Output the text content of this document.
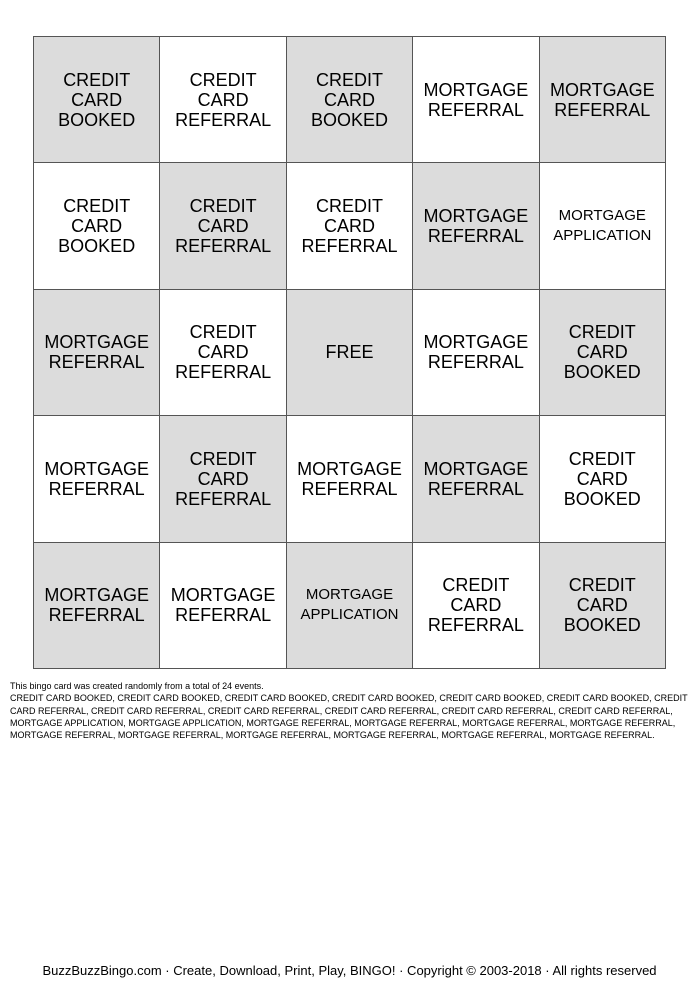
CREDIT
CARD
BOOKED
CREDIT
CARD
REFERRAL
CREDIT
CARD
BOOKED
MORTGAGE
REFERRAL
MORTGAGE
REFERRAL
CREDIT
CARD
BOOKED
CREDIT
CARD
REFERRAL
CREDIT
CARD
REFERRAL
MORTGAGE
REFERRAL
MORTGAGE
APPLICATION
MORTGAGE
REFERRAL
CREDIT
CARD
REFERRAL
FREE	MORTGAGE
REFERRAL
CREDIT
CARD
BOOKED
MORTGAGE
REFERRAL
CREDIT
CARD
REFERRAL
MORTGAGE
REFERRAL
MORTGAGE
REFERRAL
CREDIT
CARD
BOOKED
MORTGAGE
REFERRAL
MORTGAGE
REFERRAL
MORTGAGE
APPLICATION
CREDIT
CARD
REFERRAL
CREDIT
CARD
BOOKED
This bingo card was created randomly from a total of 24 events.
CREDIT CARD BOOKED, CREDIT CARD BOOKED, CREDIT CARD BOOKED, CREDIT CARD BOOKED, CREDIT CARD BOOKED, CREDIT CARD BOOKED, CREDIT CARD REFERRAL, CREDIT CARD REFERRAL, CREDIT CARD REFERRAL, CREDIT CARD REFERRAL, CREDIT CARD REFERRAL, CREDIT CARD REFERRAL, MORTGAGE APPLICATION, MORTGAGE APPLICATION, MORTGAGE REFERRAL, MORTGAGE REFERRAL, MORTGAGE REFERRAL, MORTGAGE REFERRAL, MORTGAGE REFERRAL, MORTGAGE REFERRAL, MORTGAGE REFERRAL, MORTGAGE REFERRAL, MORTGAGE REFERRAL, MORTGAGE REFERRAL.
BuzzBuzzBingo.com · Create, Download, Print, Play, BINGO! · Copyright © 2003-2018 · All rights reserved
